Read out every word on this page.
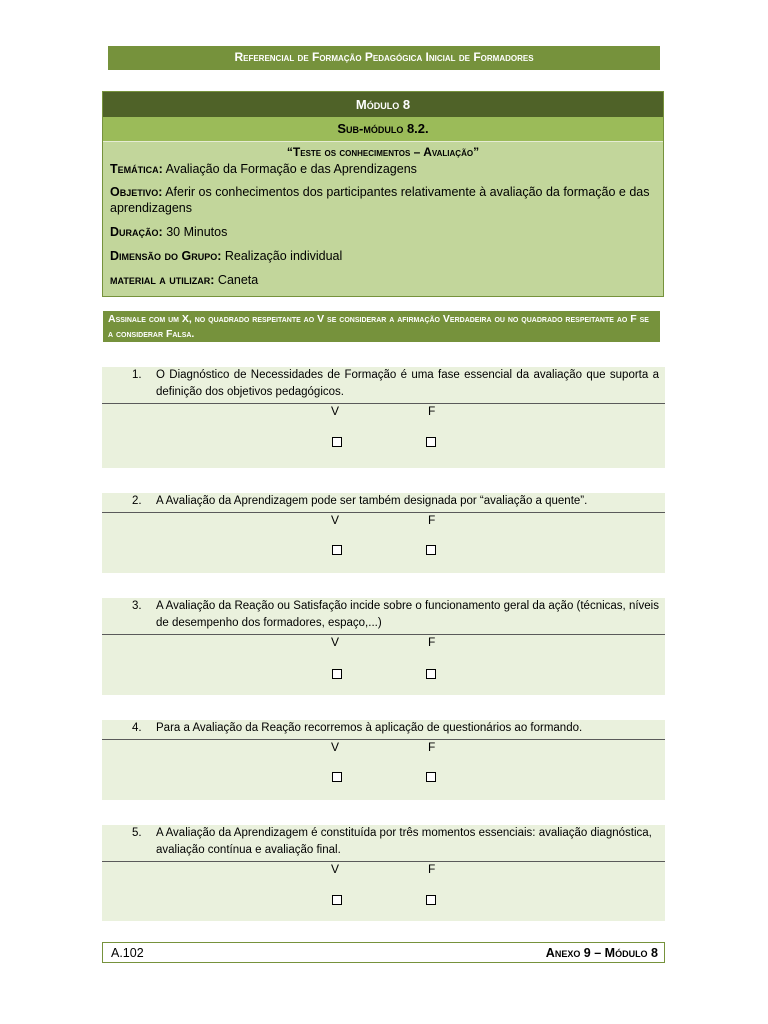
Referencial de Formação Pedagógica Inicial de Formadores
Módulo 8
Sub-módulo 8.2.
“Teste os conhecimentos – Avaliação”
Temática: Avaliação da Formação e das Aprendizagens
Objetivo: Aferir os conhecimentos dos participantes relativamente à avaliação da formação e das aprendizagens
Duração: 30 Minutos
Dimensão do Grupo: Realização individual
material a utilizar: Caneta
Assinale com um X, no quadrado respeitante ao V se considerar a afirmação Verdadeira ou no quadrado respeitante ao F se a considerar Falsa.
1. O Diagnóstico de Necessidades de Formação é uma fase essencial da avaliação que suporta a definição dos objetivos pedagógicos.
V	F
2. A Avaliação da Aprendizagem pode ser também designada por “avaliação a quente”.
V	F
3. A Avaliação da Reação ou Satisfação incide sobre o funcionamento geral da ação (técnicas, níveis de desempenho dos formadores, espaço,...)
V	F
4. Para a Avaliação da Reação recorremos à aplicação de questionários ao formando.
V	F
5. A Avaliação da Aprendizagem é constituída por três momentos essenciais: avaliação diagnóstica, avaliação contínua e avaliação final.
V	F
A.102	Anexo 9 – Módulo 8
